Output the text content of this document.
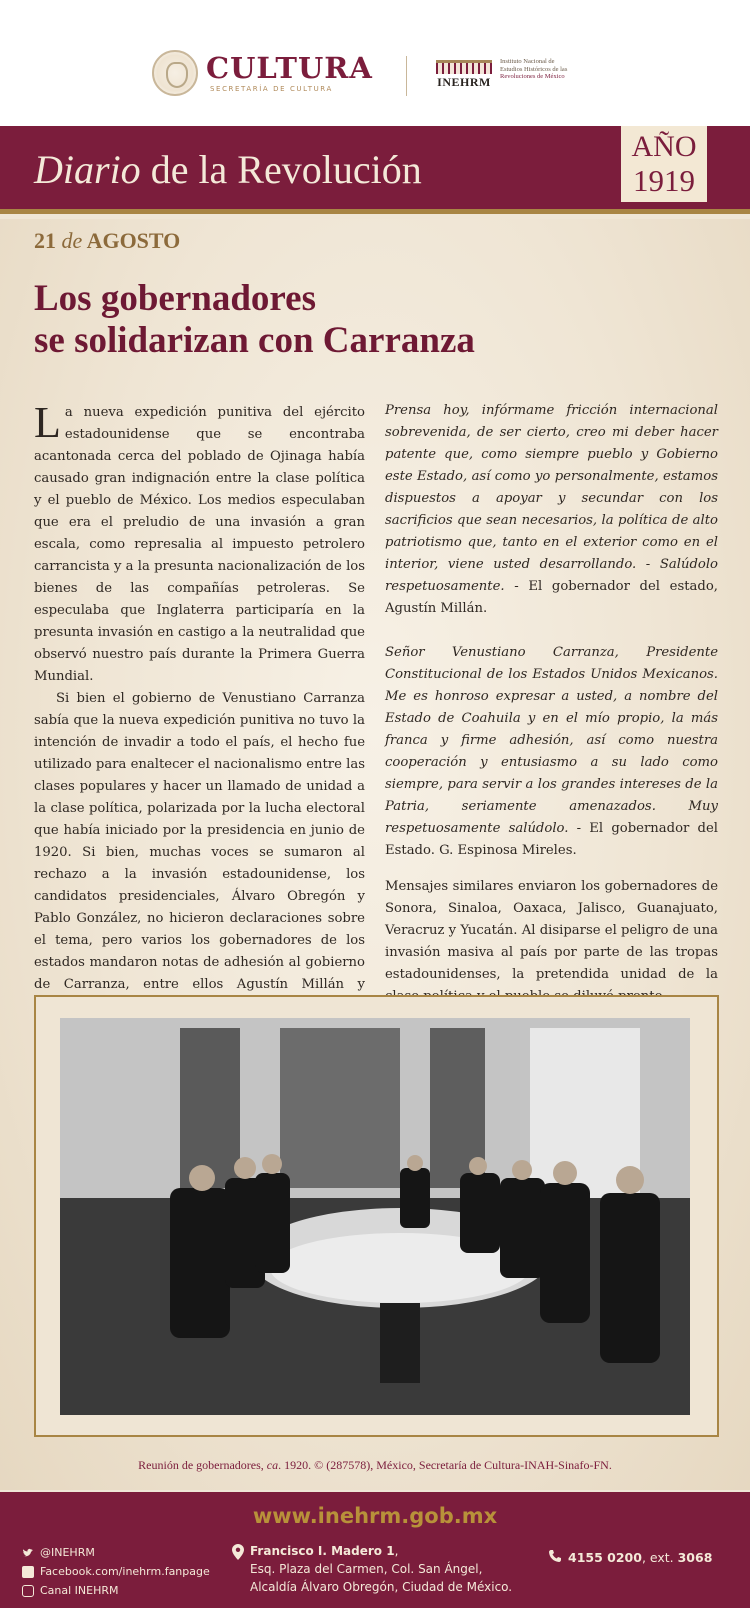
CULTURA
SECRETARÍA DE CULTURA	INEHRM
Instituto Nacional de
Estudios Históricos de las
Revoluciones de México
Diario de la Revolución
AÑO
1919
21 de AGOSTO
Los gobernadores
se solidarizan con Carranza

La nueva expedición punitiva del ejército estadounidense que se encontraba acantonada cerca del poblado de Ojinaga había causado gran indignación entre la clase política y el pueblo de México. Los medios especulaban que era el preludio de una invasión a gran escala, como represalia al impuesto petrolero carrancista y a la presunta nacionalización de los bienes de las compañías petroleras. Se especulaba que Inglaterra participaría en la presunta invasión en castigo a la neutralidad que observó nuestro país durante la Primera Guerra Mundial.

Si bien el gobierno de Venustiano Carranza sabía que la nueva expedición punitiva no tuvo la intención de invadir a todo el país, el hecho fue utilizado para enaltecer el nacionalismo entre las clases populares y hacer un llamado de unidad a la clase política, polarizada por la lucha electoral que había iniciado por la presidencia en junio de 1920. Si bien, muchas voces se sumaron al rechazo a la invasión estadounidense, los candidatos presidenciales, Álvaro Obregón y Pablo González, no hicieron declaraciones sobre el tema, pero varios los gobernadores de los estados mandaron notas de adhesión al gobierno de Carranza, entre ellos Agustín Millán y

Prensa hoy, infórmame fricción internacional sobrevenida, de ser cierto, creo mi deber hacer patente que, como siempre pueblo y Gobierno este Estado, así como yo personalmente, estamos dispuestos a apoyar y secundar con los sacrificios que sean necesarios, la política de alto patriotismo que, tanto en el exterior como en el interior, viene usted desarrollando. - Salúdolo respetuosamente. - El gobernador del estado, Agustín Millán.

Señor Venustiano Carranza, Presidente Constitucional de los Estados Unidos Mexicanos. Me es honroso expresar a usted, a nombre del Estado de Coahuila y en el mío propio, la más franca y firme adhesión, así como nuestra cooperación y entusiasmo a su lado como siempre, para servir a los grandes intereses de la Patria, seriamente amenazados. Muy respetuosamente salúdolo. - El gobernador del Estado. G. Espinosa Mireles.

Mensajes similares enviaron los gobernadores de Sonora, Sinaloa, Oaxaca, Jalisco, Guanajuato, Veracruz y Yucatán. Al disiparse el peligro de una invasión masiva al país por parte de las tropas estadounidenses, la pretendida unidad de la

Reunión de gobernadores, ca. 1920. © (287578), México, Secretaría de Cultura-INAH-Sinafo-FN.
www.inehrm.gob.mx
@INEHRM
Facebook.com/inehrm.fanpage
Canal INEHRM
Francisco I. Madero 1,
Esq. Plaza del Carmen, Col. San Ángel,
Alcaldía Álvaro Obregón, Ciudad de México.
4155 0200, ext. 3068
